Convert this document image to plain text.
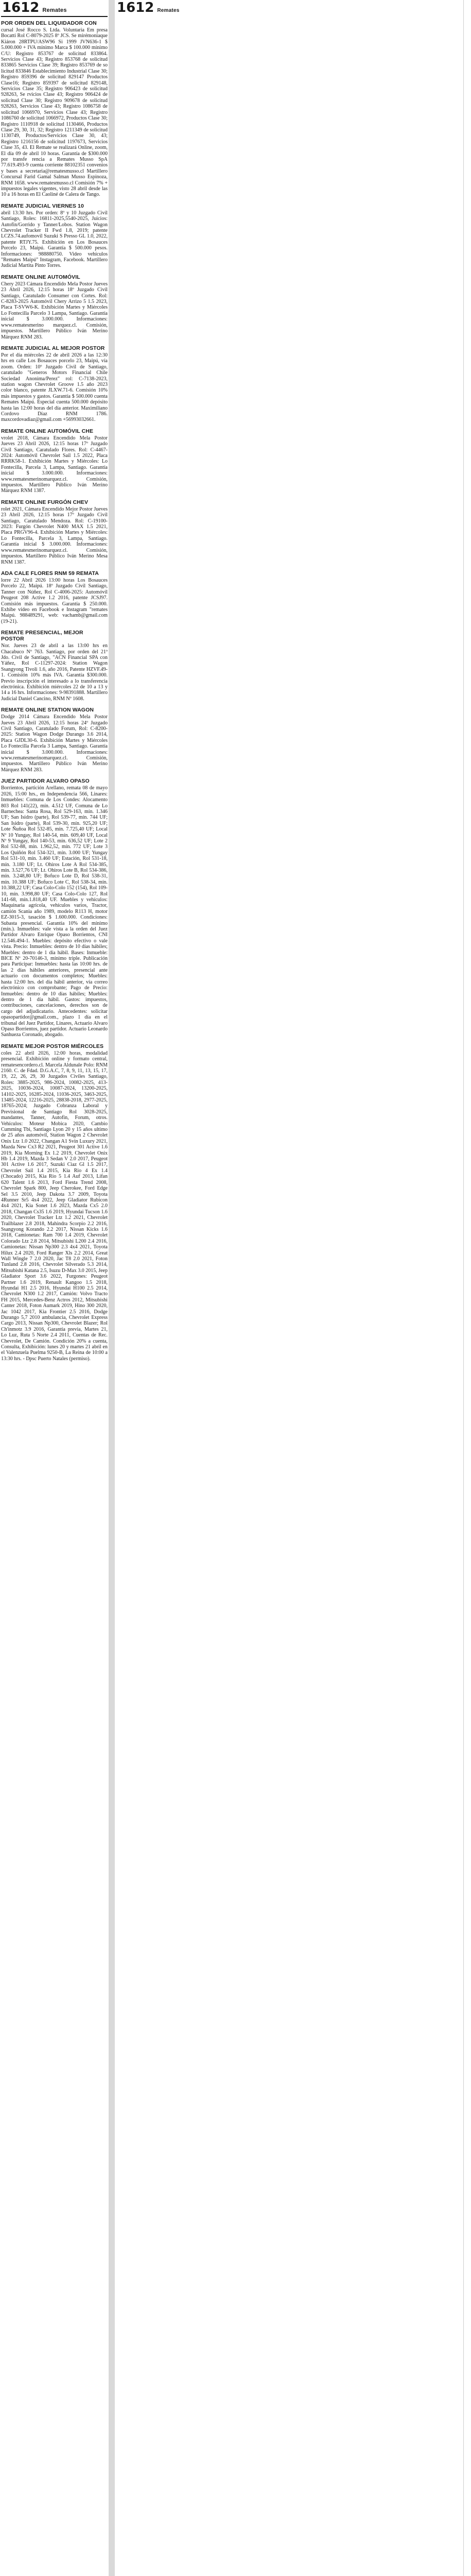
1612 Remates

POR ORDEN DEL LIQUIDADOR CON

cursal José Rocco S. Ltda. Voluntaria Em presa Bocatti Rol C-8079-2025 8º JCS. Se mirémoniaque Kiáron 28RTPU/ASW96 Si 1999 JVN636-1 $ 5.000.000 + IVA mínimo Marca $ 100.000 mínimo C/U: Registro 853767 de solicitud 833864. Servicios Clase 43; Registro 853768 de solicitud 833865 Servicios Clase 39; Registro 853769 de so licitud 833846 Establecimiento Industrial Clase 30; Registro 859396 de solicitud 829147 Productos Clase16; Registro 859397 de solicitud 829148, Servicios Clase 35; Registro 906423 de solicitud 928263, Se rvicios Clase 43; Registro 906424 de solicitud Clase 30; Registro 909678 de solicitud 928263, Servicios Clase 43; Registro 1086758 de solicitud 1066970, Servicios Clase 43; Registro 1086760 de solicitud 1066972, Productos Clase 30; Registro 1110918 de solicitud 1130466, Productos Clase 29, 30, 31, 32; Registro 1211349 de solicitud 1130749, Productos/Servicios Clase 30, 43; Registro 1216156 de solicitud 1197673, Servicios Clase 35, 43. El Remate se realizará Online, zoom, El día 09 de abril 10 horas. Garantía de $300.000 por transfe rencia a Remates Musso SpA 77.619.493-9 cuenta corriente 88102351 convenios y bases a secretaria@rematesmusso.cl Martillero Concursal Farid Gamal Salman Musso Espinoza, RNM 1658. www.rematesmusso.cl Comisión 7% + impuestos legales vigentes, visto 28 abril desde las 10 a 16 horas en El Caoliné de Calera de Tango.

REMATE JUDICIAL VIERNES 10

abril 13:30 hrs. Por orden: 8º y 10 Juzgado Civil Santiago, Roles: 16811-2025,5540-2025, Juicios: Autofin/Gorrido y Tanner/Lobos. Station Wagon Chevrolet Tracker II Fwd 1.8, 2019; patente LCZS.74.aufomovil Suzuki S Presso GL 1.0, 2022, patente RTJY.75. Exhibición en Los Bosauces Porcelo 23, Maipú. Garantía $ 500.000 pesos. Informaciones: 988880750. Video vehículos "Remates Maipú" Instagram, Facebook. Martillero Judicial Martita Pinto Torres.

REMATE ONLINE AUTOMÓVIL

Chery 2023 Cámara Encendido Mela Postor Jueves 23 Abril 2026, 12:15 horas 18º Juzgado Civil Santiago, Caratulado Consumer con Cortes. Rol: C-8283-2025 Automóvil Chery Arrizo 5 1.5 2023, Placa T-SVW6-K. Exhibición Martes y Miércoles Lo Fontecilla Parcelo 3 Lampa, Santiago. Garantía inicial $ 3.000.000. Informaciones: www.rematesmerino marquez.cl. Comisión, impuestos. Martillero Público Iván Merino Márquez RNM 283.

REMATE JUDICIAL AL MEJOR POSTOR

Por el día miércoles 22 de abril 2026 a las 12:30 hrs en calle Los Bosauces porcelo 23, Maipú, vía zoom. Orden: 10º Juzgado Civil de Santiago, caratulado "Generos Motors Financial Chile Sociedad Anonima/Perez" rol: C-7138-2023, station wagon Chevrolet Groove 1.5 año 2023 color blanco, patente JLXW.71-6. Comisión 10% más impuestos y gastos. Garantía $ 500.000 cuenta Remates Maipú. Especial cuenta 500.000 depósito hasta las 12:00 horas del día anterior. Maximiliano Cordovo Díaz RNM 1786. maxcordovadiaz@gmail.com +56993032661.

REMATE ONLINE AUTOMÓVIL CHE

vrolet 2018, Cámara Encendido Mela Postor Jueves 23 Abril 2026, 12:15 horas 17º Juzgado Civil Santiago, Caratulado Flores. Rol: C-4467-2024: Automóvil Chevrolet Sail 1.5 2022, Placa RRRK58-1. Exhibición Martes y Miércoles: Lo Fontecilla, Parcela 3, Lampa, Santiago. Garantía inicial $ 3.000.000. Informaciones: www.rematesmerinomarquez.cl. Comisión, impuestos. Martillero Público Iván Merino Márquez RNM 1387.

REMATE ONLINE FURGÓN CHEV

rolet 2021, Cámara Encendido Mejor Postor Jueves 23 Abril 2026, 12:15 horas 17º Juzgado Civil Santiago, Caratulado Mendoza. Rol: C-19100-2023: Furgón Chevrolet N400 MAX 1.5 2021, Placa PRGV96-4. Exhibición Martes y Miércoles: Lo Fontecilla, Parcela 3, Lampa, Santiago. Garantía inicial $ 3.000.000. Informaciones: www.rematesmerinomarquez.cl. Comisión, impuestos. Martillero Público Iván Merino Mesa RNM 1387.

ADA CALE FLORES RNM 59 REMATA

lorre 22 Abril 2026 13:00 horas Los Bosauces Porcelo 22, Maipú. 18º Juzgado Civil Santiago, Tanner con Núñez, Rol C-4006-2025: Automóvil Peugeot 208 Active 1.2 2016, patente JCSJ97. Comisión más impuestos. Garantía $ 250.000. Exhibe video en Facebook e Instagram "remates Maipú. 988489291, web: vachamb@gmail.com (19-21).

REMATE PRESENCIAL, MEJOR POSTOR

Nor. Jueves 23 de abril a las 13:00 hrs en Chacabuco Nº 763. Santiago, por orden del 21º Jdo. Civil de Santiago, "ACN Financial SPA con Yáñez, Rol C-11297-2024: Station Wagon Ssangyong Tivoli 1.6, año 2016, Patente HZVF.49-1. Comisión 10% más IVA. Garantía $300.000. Previo inscripción el interesado a lo transferencia electrónica. Exhibición miércoles 22 de 10 a 13 y 14 a 16 hrs. Informaciones: 9-98391888. Martillero Judicial Daniel Cancino, RNM Nº 1608.

REMATE ONLINE STATION WAGON

Dodge 2014 Cámara Encendido Mela Postor Jueves 23 Abril 2026, 12:15 horas 24º Juzgado Civil Santiago, Caratulado Forum, Rol: C-8200-2025: Station Wagon Dodge Durango 3.6 2014, Placa GJDL30-6. Exhibición Martes y Miércoles Lo Fontecilla Parcela 3 Lampa, Santiago. Garantía inicial $ 3.000.000. Informaciones: www.rematesmerinomarquez.cl. Comisión, impuestos. Martillero Público Iván Merino Márquez RNM 283.

JUEZ PARTIDOR ALVARO OPASO

Borrientos, partición Arellano, remata 08 de mayo 2026, 15:00 hrs., en Independencia 566, Linares: Inmuebles: Comuna de Los Condes: Alocamento 803 Rol 141(22), mín. 4.512 UF, Comuna de Lo Barnechea: Santa Rosa, Rol 529-163, mín. 1.346 UF; San Isidro (parte), Rol 539-77, mín. 744 UF; San Isidro (parte), Rol 539-30, mín. 925,20 UF; Lote Ñuñoa Rol 532-85, mín. 7.725,40 UF; Local Nº 10 Yungay, Rol 140-54, mín. 609,40 UF, Local Nº 9 Yungay, Rol 140-53, mín. 636,52 UF; Lote 2 Rol 532-88, mín. 1.962,52, mín. 772 UF; Lote 3 Los Quiñón Rol 534-321, mín. 3.000 UF; Yungay Rol 531-10, mín. 3.460 UF; Estación, Rol 531-18, mín. 3.180 UF; Lt. Ohiros Lote A Rol 534-385, mín. 3.527,76 UF; Lt. Ohiros Lote B, Rol 534-386, mín. 3.248,80 UF; Bofuco Lote D, Rol 538-31, mín. 10.388 UF; Bofuco Lote C, Rol 538-34, mín. 10.388,22 UF; Casa Colo-Colo 152 (154), Rol 109-10, mín. 3.998,80 UF; Casa Colo-Colo 127, Rol 141-68, mín.1.818,40 UF. Muebles y vehículos: Maquinaria agrícola, vehículos varios, Tractor, camión Scania año 1989, modelo R113 H, motor EZ-3015-3, tasación $ 1.600.000. Condiciones: Subasta presencial. Garantía 10% del mínimo (mín.). Inmuebles: vale vista a la orden del Juez Partidor Alvaro Enrique Opaso Borrientos, CNI 12.546.494-1. Muebles: depósito efectivo o vale vista. Precio: Inmuebles: dentro de 10 días hábiles; Muebles: dentro de 1 día hábil. Bases: Inmueble: BICE Nº 20-70146-3, mínimo triple. Publicación para Participar: Inmuebles: hasta las 10:00 hrs. de las 2 días hábiles anteriores, presencial ante actuario con documentos completos; Muebles: hasta 12:00 hrs. del día hábil anterior, vía correo electrónico con comprobante; Pago de Precio: Inmuebles: dentro de 10 días hábiles; Muebles: dentro de 1 día hábil. Gastos: impuestos, contribuciones, cancelaciones, derechos son de cargo del adjudicatario. Antecedentes: solicitar opasopartidor@gmail.com., plazo 1 día en el tribunal del Juez Partidor, Linares, Actuario Alvaro Opaso Borrientos, juez partidor. Actuario Leonardo Sanhueza Coronado, abogado.

REMATE MEJOR POSTOR MIÉRCOLES

coles 22 abril 2026, 12:00 horas, modalidad presencial. Exhibición online y formato central, rematesencordero.cl. Marcela Aldunale Polo: RNM 2160. C. de Fdad. D.G.A.C, 7, 8, 9, 11, 13, 15, 17, 19, 22, 26, 29, 30 Juzgados Civiles Santiago, Roles: 3885-2025, 986-2024, 10082-2025, 413-2025, 10036-2024, 10087-2024, 13200-2025, 14102-2025, 16285-2024, 11036-2025, 3463-2025, 13485-2024, 12216-2025, 28838-2018, 2977-2025, 18765-2024; Juzgado Cobranza Laboral y Previsional de Santiago Rol 3028-2025, mandantes, Tanner, Autofin, Forum, otros. Vehículos: Moteur Mobica 2020, Cambio Cumming Tbi, Santiago Lyon 20 y 15 años ultimo de 25 años automóvil, Station Wagon 2 Chevrolet Onix Ltz 1.0 2022, Changan A1 Svin Luxury 2021, Mazda New Cx3 R2 2021, Peugeot 301 Active 1.6 2019, Kia Morning Ex 1.2 2019, Chevrolet Onix Hb 1.4 2019, Mazda 3 Sedan V 2.0 2017, Peugeot 301 Active 1.6 2017, Suzuki Ciaz Gl 1.5 2017, Chevrolet Sail 1.4 2015, Kia Rio 4 Ex 1.4 (Chocado) 2015, Kia Rio 5 1.4 Auf 2013, Lifan 620 Talent 1.6 2013, Ford Fiesta Trend 2008, Chevrolet Spark 800, Jeep Cherokee, Ford Edge Sel 3.5 2010, Jeep Dakota 3.7 2009, Toyota 4Runner Sr5 4x4 2022, Jeep Gladiator Rubicon 4x4 2021, Kia Sonet 1.6 2023, Mazda Cx5 2.0 2018, Changan Cs35 1.6 2019, Hyundai Tucson 1.6 2020, Chevrolet Tracker Ltz 1.2 2021, Chevrolet Trailblazer 2.8 2018, Mahindra Scorpio 2.2 2016, Ssangyong Korando 2.2 2017, Nissan Kicks 1.6 2018, Camionetas: Ram 700 1.4 2019, Chevrolet Colorado Ltz 2.8 2014, Mitsubishi L200 2.4 2016, Camionetas: Nissan Np300 2.3 4x4 2021, Toyota Hilux 2.4 2020, Ford Ranger Xls 2.2 2014, Great Wall Wingle 7 2.0 2020, Jac T8 2.0 2021, Foton Tunland 2.8 2016, Chevrolet Silverado 5.3 2014, Mitsubishi Katana 2.5, Isuzu D-Max 3.0 2015, Jeep Gladiator Sport 3.6 2022, Furgones: Peugeot Partner 1.6 2019, Renault Kangoo 1.5 2018, Hyundai H1 2.5 2016, Hyundai H100 2.5 2014, Chevrolet N300 1.2 2017, Camión: Volvo Tracto FH 2015, Mercedes-Benz Actros 2012, Mitsubishi Canter 2018, Foton Aumark 2019, Hino 300 2020, Jac 1042 2017, Kia Frontier 2.5 2016, Dodge Durango 5,7 2010 ambulancia, Chevrolet Express Cargo 2013, Nissan Np300, Chevrolet Blazer; Rol Ch'inmotz 3.9 2016, Garantía previa, Martes 21, Lo Luz, Ruta 5 Norte 2.4 2011, Cuentas de Rec. Chevrolet, De Camión. Condición 20% a cuenta, Consulta, Exhibición: lunes 20 y martes 21 abril en el Valenzuela Puelma 9250-B, La Reina de 10:00 a 13:30 hrs. - Dpsc Puerto Natales (permiso).

1612 Remates
